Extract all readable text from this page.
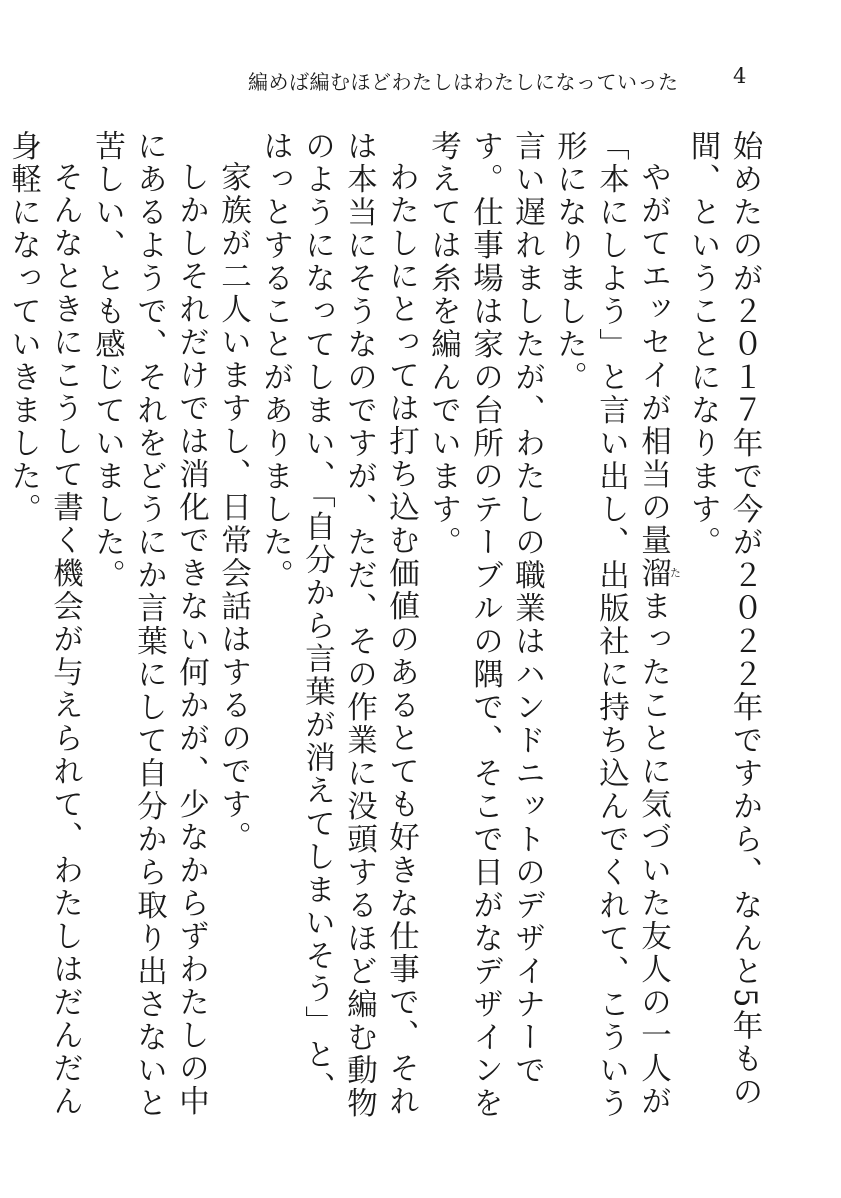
編めば編むほどわたしはわたしになっていった	4

始めたのが２０１７年で今が２０２２年ですから、なんと5年もの間、ということになります。

やがてエッセイが相当の量溜たまったことに気づいた友人の一人が「本にしよう」と言い出し、出版社に持ち込んでくれて、こういう形になりました。

言い遅れましたが、わたしの職業はハンドニットのデザイナーです。仕事場は家の台所のテーブルの隅で、そこで日がなデザインを考えては糸を編んでいます。

わたしにとっては打ち込む価値のあるとても好きな仕事で、それは本当にそうなのですが、ただ、その作業に没頭するほど編む動物のようになってしまい、「自分から言葉が消えてしまいそう」と、はっとすることがありました。

家族が二人いますし、日常会話はするのです。

しかしそれだけでは消化できない何かが、少なからずわたしの中にあるようで、それをどうにか言葉にして自分から取り出さないと苦しい、とも感じていました。

そんなときにこうして書く機会が与えられて、わたしはだんだん身軽になっていきました。
